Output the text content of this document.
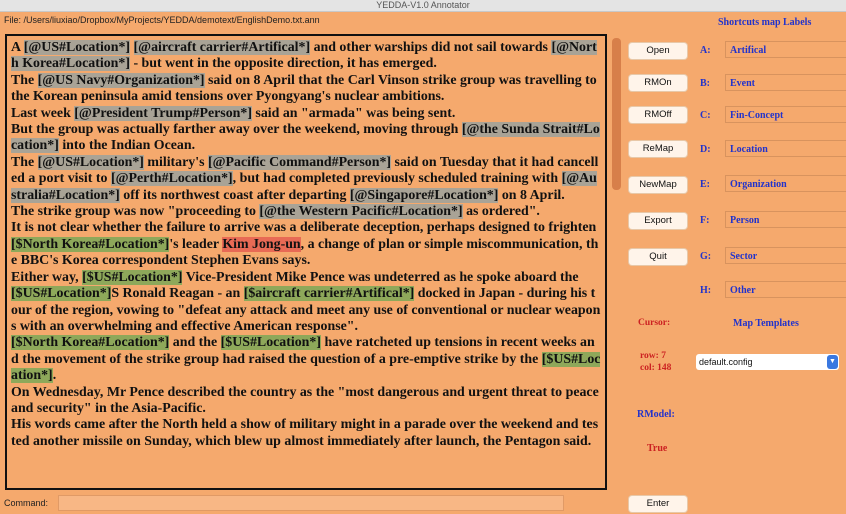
YEDDA-V1.0 Annotator
File: /Users/liuxiao/Dropbox/MyProjects/YEDDA/demotext/EnglishDemo.txt.ann
A [@US#Location*] [@aircraft carrier#Artifical*] and other warships did not sail towards [@North Korea#Location*] - but went in the opposite direction, it has emerged.
The [@US Navy#Organization*] said on 8 April that the Carl Vinson strike group was travelling to the Korean peninsula amid tensions over Pyongyang's nuclear ambitions.
Last week [@President Trump#Person*] said an "armada" was being sent.
But the group was actually farther away over the weekend, moving through [@the Sunda Strait#Location*] into the Indian Ocean.
The [@US#Location*] military's [@Pacific Command#Person*] said on Tuesday that it had cancelled a port visit to [@Perth#Location*], but had completed previously scheduled training with [@Australia#Location*] off its northwest coast after departing [@Singapore#Location*] on 8 April.
The strike group was now "proceeding to [@the Western Pacific#Location*] as ordered".
It is not clear whether the failure to arrive was a deliberate deception, perhaps designed to frighten [$North Korea#Location*]'s leader Kim Jong-un, a change of plan or simple miscommunication, the BBC's Korea correspondent Stephen Evans says.
Either way, [$US#Location*] Vice-President Mike Pence was undeterred as he spoke aboard the [$US#Location*]S Ronald Reagan - an [$aircraft carrier#Artifical*] docked in Japan - during his tour of the region, vowing to "defeat any attack and meet any use of conventional or nuclear weapons with an overwhelming and effective American response".
[$North Korea#Location*] and the [$US#Location*] have ratcheted up tensions in recent weeks and the movement of the strike group had raised the question of a pre-emptive strike by the [$US#Location*].
On Wednesday, Mr Pence described the country as the "most dangerous and urgent threat to peace and security" in the Asia-Pacific.
His words came after the North held a show of military might in a parade over the weekend and tested another missile on Sunday, which blew up almost immediately after launch, the Pentagon said.

Open
RMOn
RMOff
ReMap
NewMap
Export
Quit
Enter
Shortcuts map Labels
A:	Artifical
B:	Event
C:	Fin-Concept
D:	Location
E:	Organization
F:	Person
G:	Sector
H:	Other
Cursor:	Map Templates
row: 7
col: 148
default.config	▼
RModel:
True
Command:
